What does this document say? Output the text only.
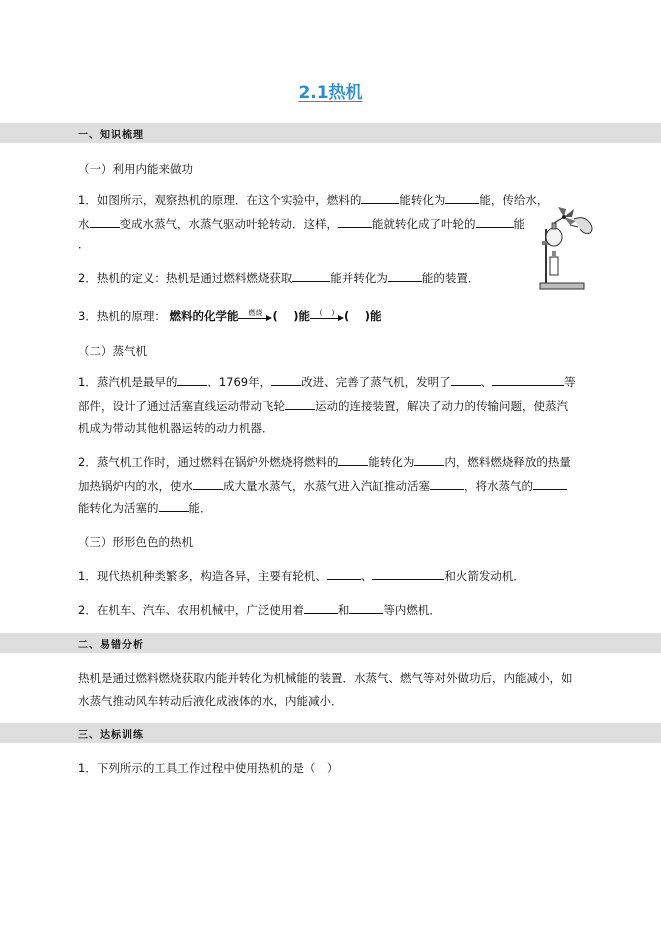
2.1热机
一、知识梳理
（一）利用内能来做功
1．如图所示，观察热机的原理．在这个实验中，燃料的	能转化为	能，传给水，
水	变成水蒸气，水蒸气驱动叶轮转动．这样，	能就转化成了叶轮的	能
．
2．热机的定义：热机是通过燃料燃烧获取	能并转化为	能的装置．
3．热机的原理： 燃料的化学能	燃烧 (　 )能	(　 ) (　 )能
（二）蒸气机
1．蒸汽机是最早的	．1769年，	改进、完善了蒸气机，发明了	、	等
部件，设计了通过活塞直线运动带动飞轮	运动的连接装置，解决了动力的传输问题，使蒸汽
机成为带动其他机器运转的动力机器．
2．蒸气机工作时，通过燃料在锅炉外燃烧将燃料的	能转化为	内，燃料燃烧释放的热量
加热锅炉内的水，使水	成大量水蒸气，水蒸气进入汽缸推动活塞	，将水蒸气的
能转化为活塞的	能．
（三）形形色色的热机
1．现代热机种类繁多，构造各异，主要有轮机、	、	和火箭发动机．
2．在机车、汽车、农用机械中，广泛使用着	和	等内燃机．
二、易错分析
热机是通过燃料燃烧获取内能并转化为机械能的装置．水蒸气、燃气等对外做功后，内能减小，如
水蒸气推动风车转动后液化成液体的水，内能减小．
三、达标训练
1．下列所示的工具工作过程中使用热机的是（　）
